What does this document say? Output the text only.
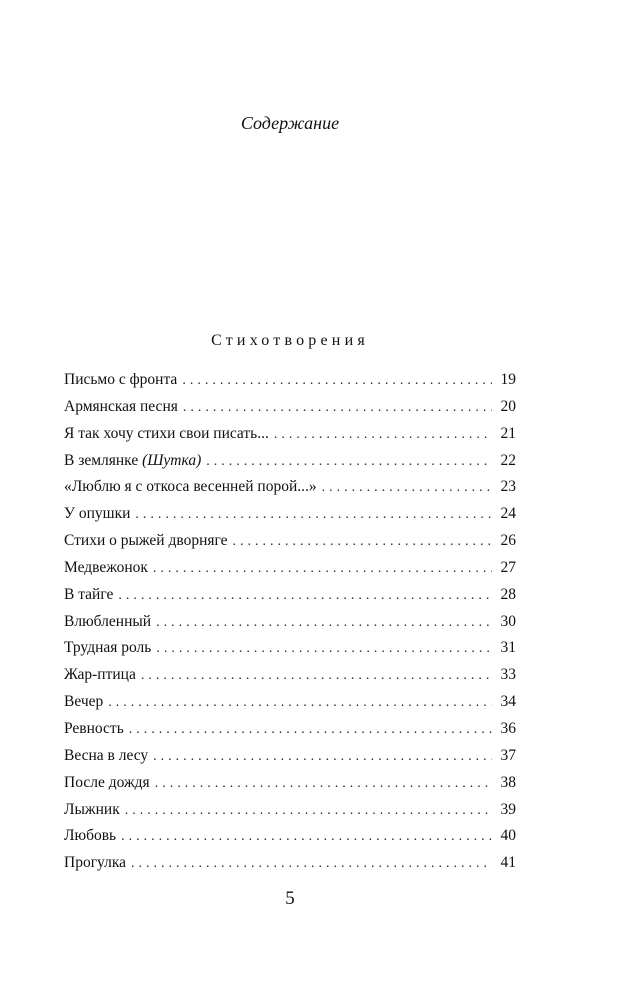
Содержание
Стихотворения
Письмо с фронта . . .	19
Армянская песня . . .	20
Я так хочу стихи свои писать... . . .	21
В землянке (Шутка) . . .	22
«Люблю я с откоса весенней порой...» . . .	23
У опушки . . .	24
Стихи о рыжей дворняге . . .	26
Медвежонок . . .	27
В тайге . . .	28
Влюбленный . . .	30
Трудная роль . . .	31
Жар-птица . . .	33
Вечер . . .	34
Ревность . . .	36
Весна в лесу . . .	37
После дождя . . .	38
Лыжник . . .	39
Любовь . . .	40
Прогулка . . .	41
5
